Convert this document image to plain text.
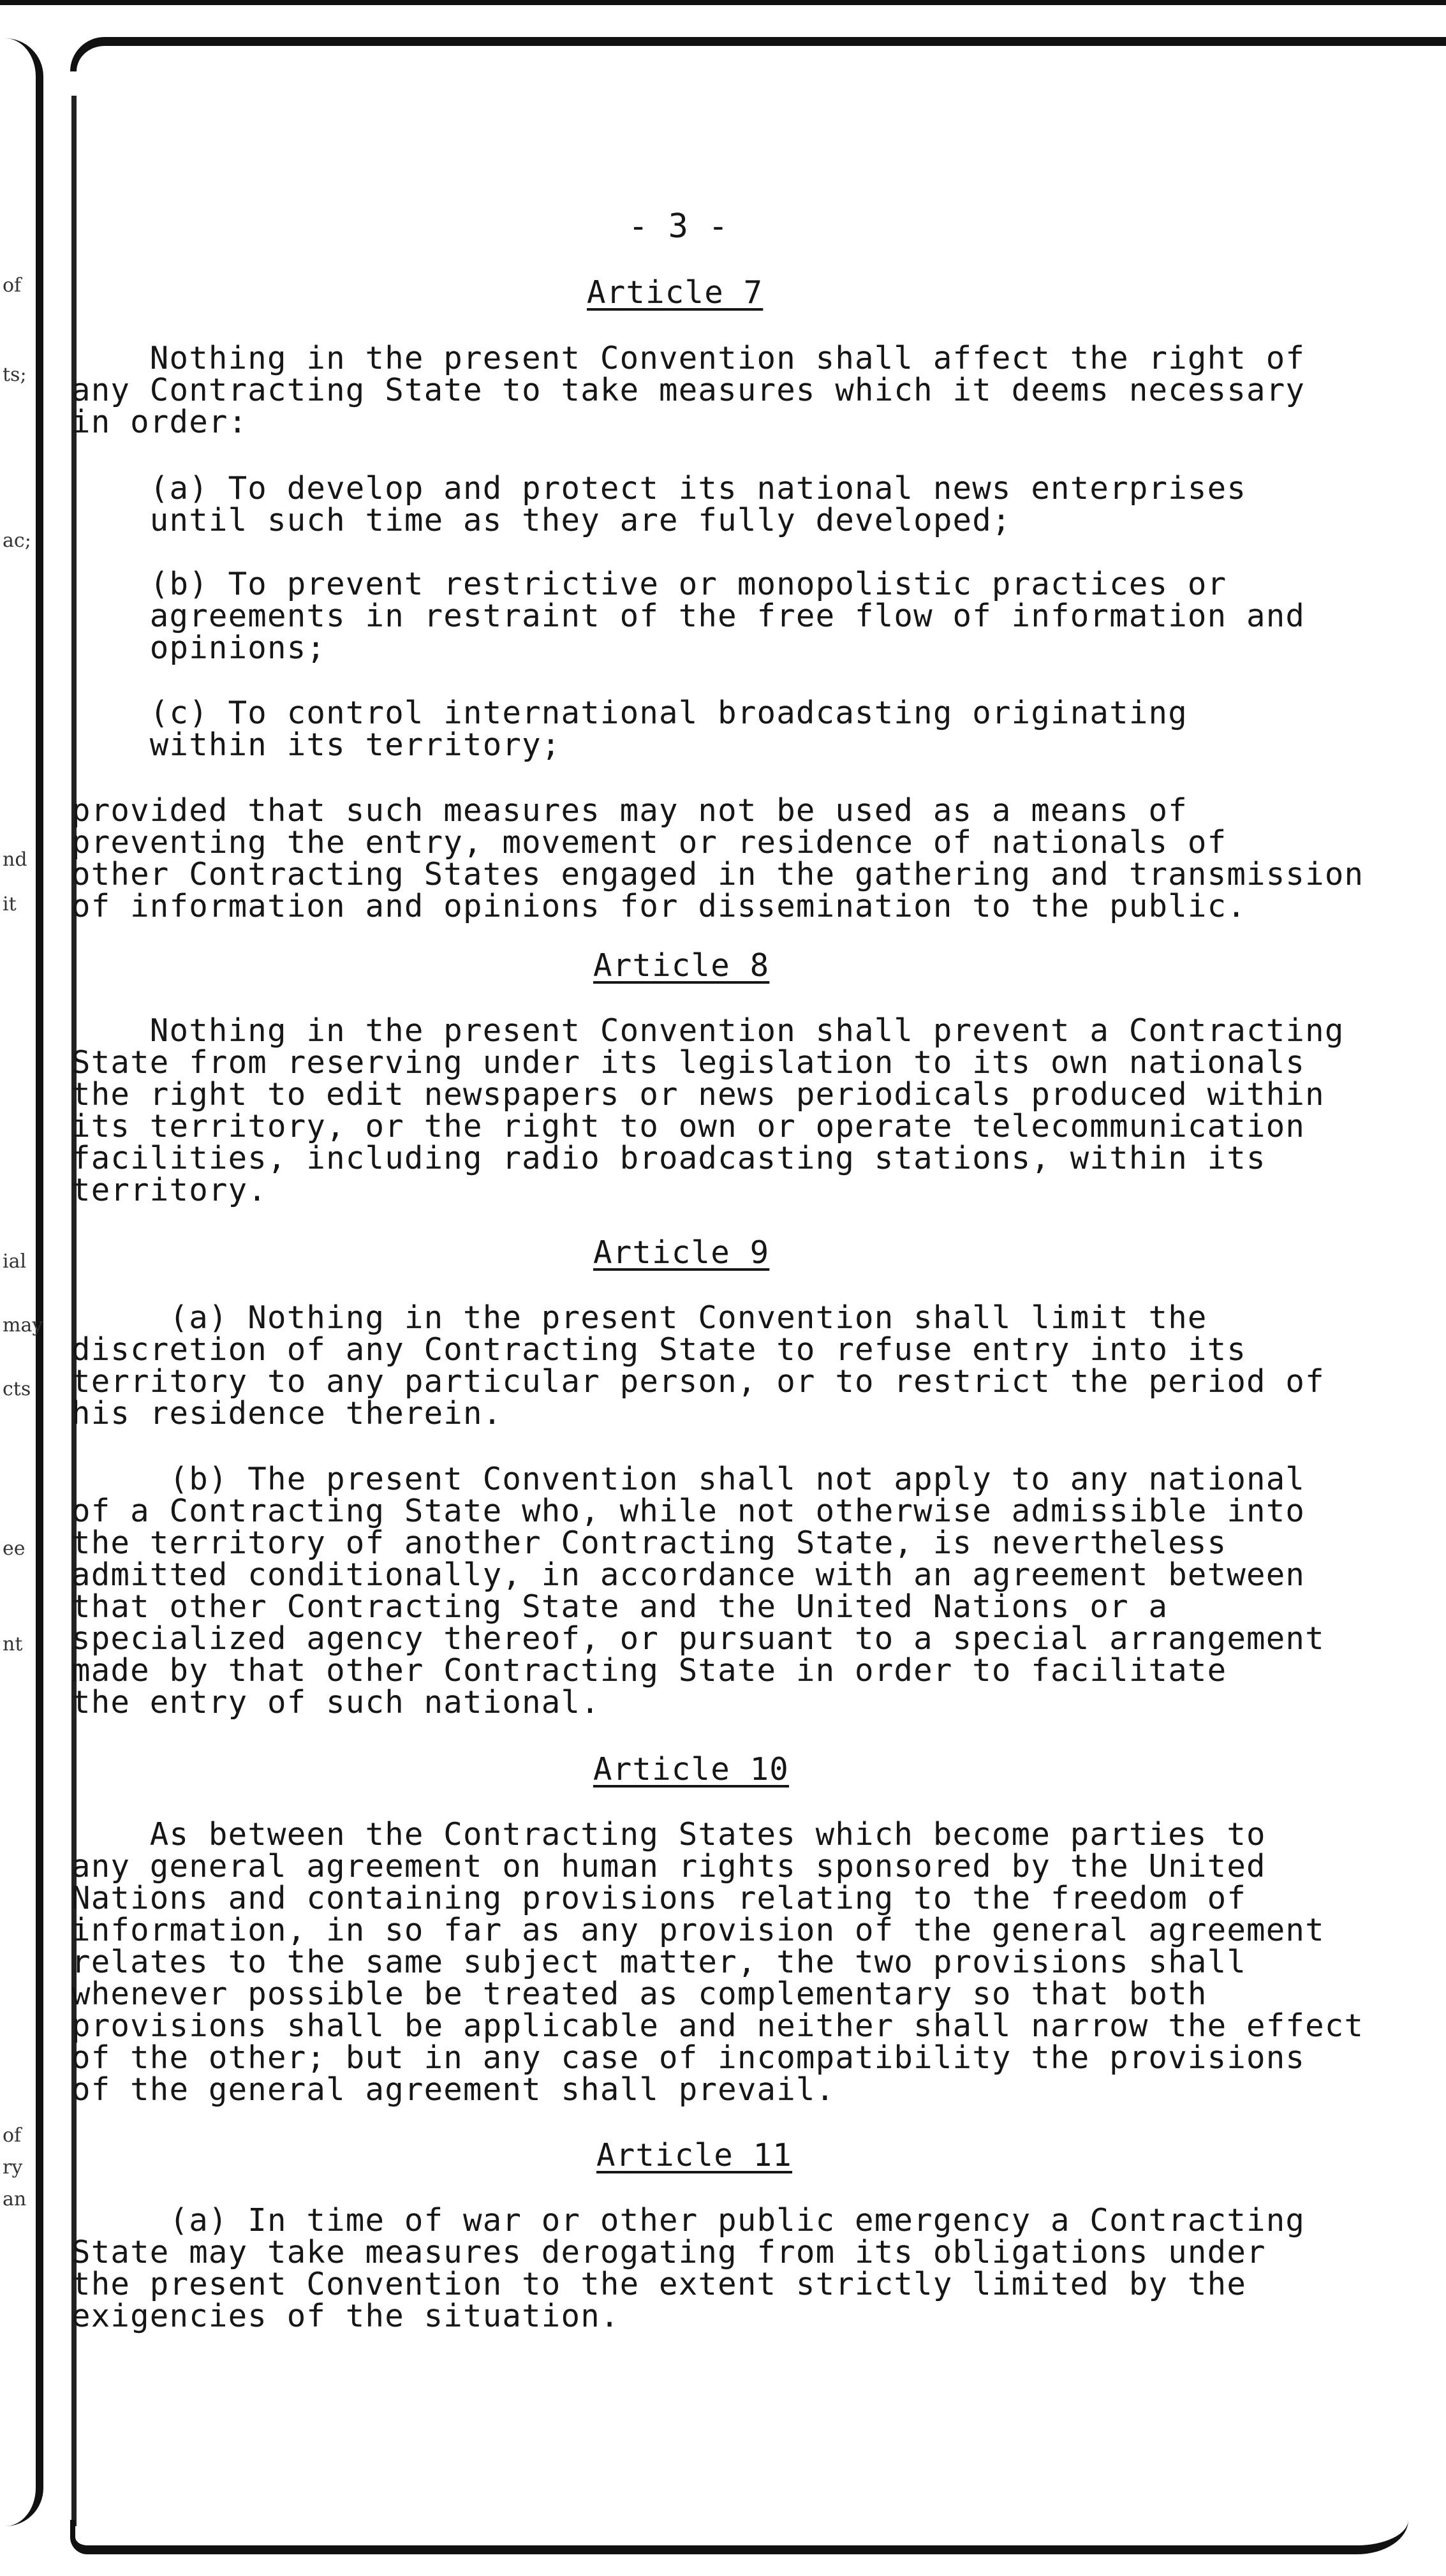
of
ts;
ac;
nd
it
ial
may
cts
ee
nt
of
ry
an
- 3 -
Article 7
Nothing in the present Convention shall affect the right of
any Contracting State to take measures which it deems necessary
in order:
(a) To develop and protect its national news enterprises
until such time as they are fully developed;
(b) To prevent restrictive or monopolistic practices or
agreements in restraint of the free flow of information and
opinions;
(c) To control international broadcasting originating
within its territory;
provided that such measures may not be used as a means of
preventing the entry, movement or residence of nationals of
other Contracting States engaged in the gathering and transmission
of information and opinions for dissemination to the public.
Article 8
Nothing in the present Convention shall prevent a Contracting
State from reserving under its legislation to its own nationals
the right to edit newspapers or news periodicals produced within
its territory, or the right to own or operate telecommunication
facilities, including radio broadcasting stations, within its
territory.
Article 9
(a) Nothing in the present Convention shall limit the
discretion of any Contracting State to refuse entry into its
territory to any particular person, or to restrict the period of
his residence therein.
(b) The present Convention shall not apply to any national
of a Contracting State who, while not otherwise admissible into
the territory of another Contracting State, is nevertheless
admitted conditionally, in accordance with an agreement between
that other Contracting State and the United Nations or a
specialized agency thereof, or pursuant to a special arrangement
made by that other Contracting State in order to facilitate
the entry of such national.
Article 10
As between the Contracting States which become parties to
any general agreement on human rights sponsored by the United
Nations and containing provisions relating to the freedom of
information, in so far as any provision of the general agreement
relates to the same subject matter, the two provisions shall
whenever possible be treated as complementary so that both
provisions shall be applicable and neither shall narrow the effect
of the other; but in any case of incompatibility the provisions
of the general agreement shall prevail.
Article 11
(a) In time of war or other public emergency a Contracting
State may take measures derogating from its obligations under
the present Convention to the extent strictly limited by the
exigencies of the situation.
